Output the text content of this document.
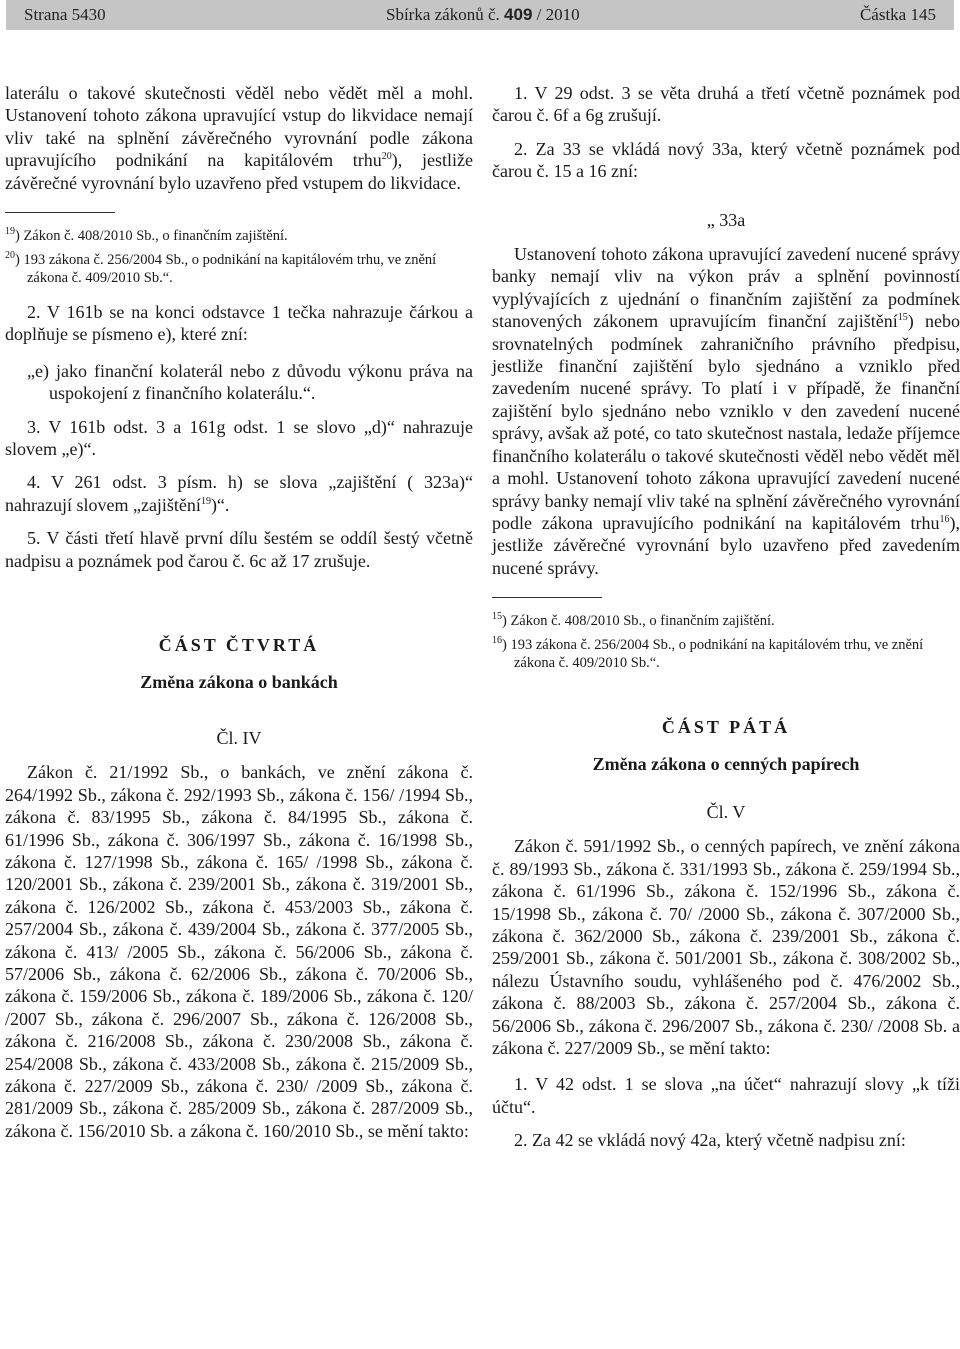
Strana 5430	Sbírka zákonů č. 409 / 2010	Částka 145

laterálu o takové skutečnosti věděl nebo vědět měl a mohl. Ustanovení tohoto zákona upravující vstup do likvidace nemají vliv také na splnění závěrečného vyrovnání podle zákona upravujícího podnikání na kapitálovém trhu$^{20}$), jestliže závěrečné vyrovnání bylo uzavřeno před vstupem do likvidace.

$^{19}$) Zákon č. 408/2010 Sb., o finančním zajištění.

$^{20}$) 193 zákona č. 256/2004 Sb., o podnikání na kapitálovém trhu, ve znění zákona č. 409/2010 Sb.“.

2. V 161b se na konci odstavce 1 tečka nahrazuje čárkou a doplňuje se písmeno e), které zní:

„e) jako finanční kolaterál nebo z důvodu výkonu práva na uspokojení z finančního kolaterálu.“.

3. V 161b odst. 3 a 161g odst. 1 se slovo „d)“ nahrazuje slovem „e)“.

4. V 261 odst. 3 písm. h) se slova „zajištění ( 323a)“ nahrazují slovem „zajištění$^{19}$)“.

5. V části třetí hlavě první dílu šestém se oddíl šestý včetně nadpisu a poznámek pod čarou č. 6c až 17 zrušuje.

ČÁST ČTVRTÁ

Změna zákona o bankách

Čl. IV

Zákon č. 21/1992 Sb., o bankách, ve znění zákona č. 264/1992 Sb., zákona č. 292/1993 Sb., zákona č. 156/ /1994 Sb., zákona č. 83/1995 Sb., zákona č. 84/1995 Sb., zákona č. 61/1996 Sb., zákona č. 306/1997 Sb., zákona č. 16/1998 Sb., zákona č. 127/1998 Sb., zákona č. 165/ /1998 Sb., zákona č. 120/2001 Sb., zákona č. 239/2001 Sb., zákona č. 319/2001 Sb., zákona č. 126/2002 Sb., zákona č. 453/2003 Sb., zákona č. 257/2004 Sb., zákona č. 439/2004 Sb., zákona č. 377/2005 Sb., zákona č. 413/ /2005 Sb., zákona č. 56/2006 Sb., zákona č. 57/2006 Sb., zákona č. 62/2006 Sb., zákona č. 70/2006 Sb., zákona č. 159/2006 Sb., zákona č. 189/2006 Sb., zákona č. 120/ /2007 Sb., zákona č. 296/2007 Sb., zákona č. 126/2008 Sb., zákona č. 216/2008 Sb., zákona č. 230/2008 Sb., zákona č. 254/2008 Sb., zákona č. 433/2008 Sb., zákona č. 215/2009 Sb., zákona č. 227/2009 Sb., zákona č. 230/ /2009 Sb., zákona č. 281/2009 Sb., zákona č. 285/2009 Sb., zákona č. 287/2009 Sb., zákona č. 156/2010 Sb. a zákona č. 160/2010 Sb., se mění takto:

1. V 29 odst. 3 se věta druhá a třetí včetně poznámek pod čarou č. 6f a 6g zrušují.

2. Za 33 se vkládá nový 33a, který včetně poznámek pod čarou č. 15 a 16 zní:

„ 33a

Ustanovení tohoto zákona upravující zavedení nucené správy banky nemají vliv na výkon práv a splnění povinností vyplývajících z ujednání o finančním zajištění za podmínek stanovených zákonem upravujícím finanční zajištění$^{15}$) nebo srovnatelných podmínek zahraničního právního předpisu, jestliže finanční zajištění bylo sjednáno a vzniklo před zavedením nucené správy. To platí i v případě, že finanční zajištění bylo sjednáno nebo vzniklo v den zavedení nucené správy, avšak až poté, co tato skutečnost nastala, ledaže příjemce finančního kolaterálu o takové skutečnosti věděl nebo vědět měl a mohl. Ustanovení tohoto zákona upravující zavedení nucené správy banky nemají vliv také na splnění závěrečného vyrovnání podle zákona upravujícího podnikání na kapitálovém trhu$^{16}$), jestliže závěrečné vyrovnání bylo uzavřeno před zavedením nucené správy.

$^{15}$) Zákon č. 408/2010 Sb., o finančním zajištění.

$^{16}$) 193 zákona č. 256/2004 Sb., o podnikání na kapitálovém trhu, ve znění zákona č. 409/2010 Sb.“.

ČÁST PÁTÁ

Změna zákona o cenných papírech

Čl. V

Zákon č. 591/1992 Sb., o cenných papírech, ve znění zákona č. 89/1993 Sb., zákona č. 331/1993 Sb., zákona č. 259/1994 Sb., zákona č. 61/1996 Sb., zákona č. 152/1996 Sb., zákona č. 15/1998 Sb., zákona č. 70/ /2000 Sb., zákona č. 307/2000 Sb., zákona č. 362/2000 Sb., zákona č. 239/2001 Sb., zákona č. 259/2001 Sb., zákona č. 501/2001 Sb., zákona č. 308/2002 Sb., nálezu Ústavního soudu, vyhlášeného pod č. 476/2002 Sb., zákona č. 88/2003 Sb., zákona č. 257/2004 Sb., zákona č. 56/2006 Sb., zákona č. 296/2007 Sb., zákona č. 230/ /2008 Sb. a zákona č. 227/2009 Sb., se mění takto:

1. V 42 odst. 1 se slova „na účet“ nahrazují slovy „k tíži účtu“.

2. Za 42 se vkládá nový 42a, který včetně nadpisu zní:
